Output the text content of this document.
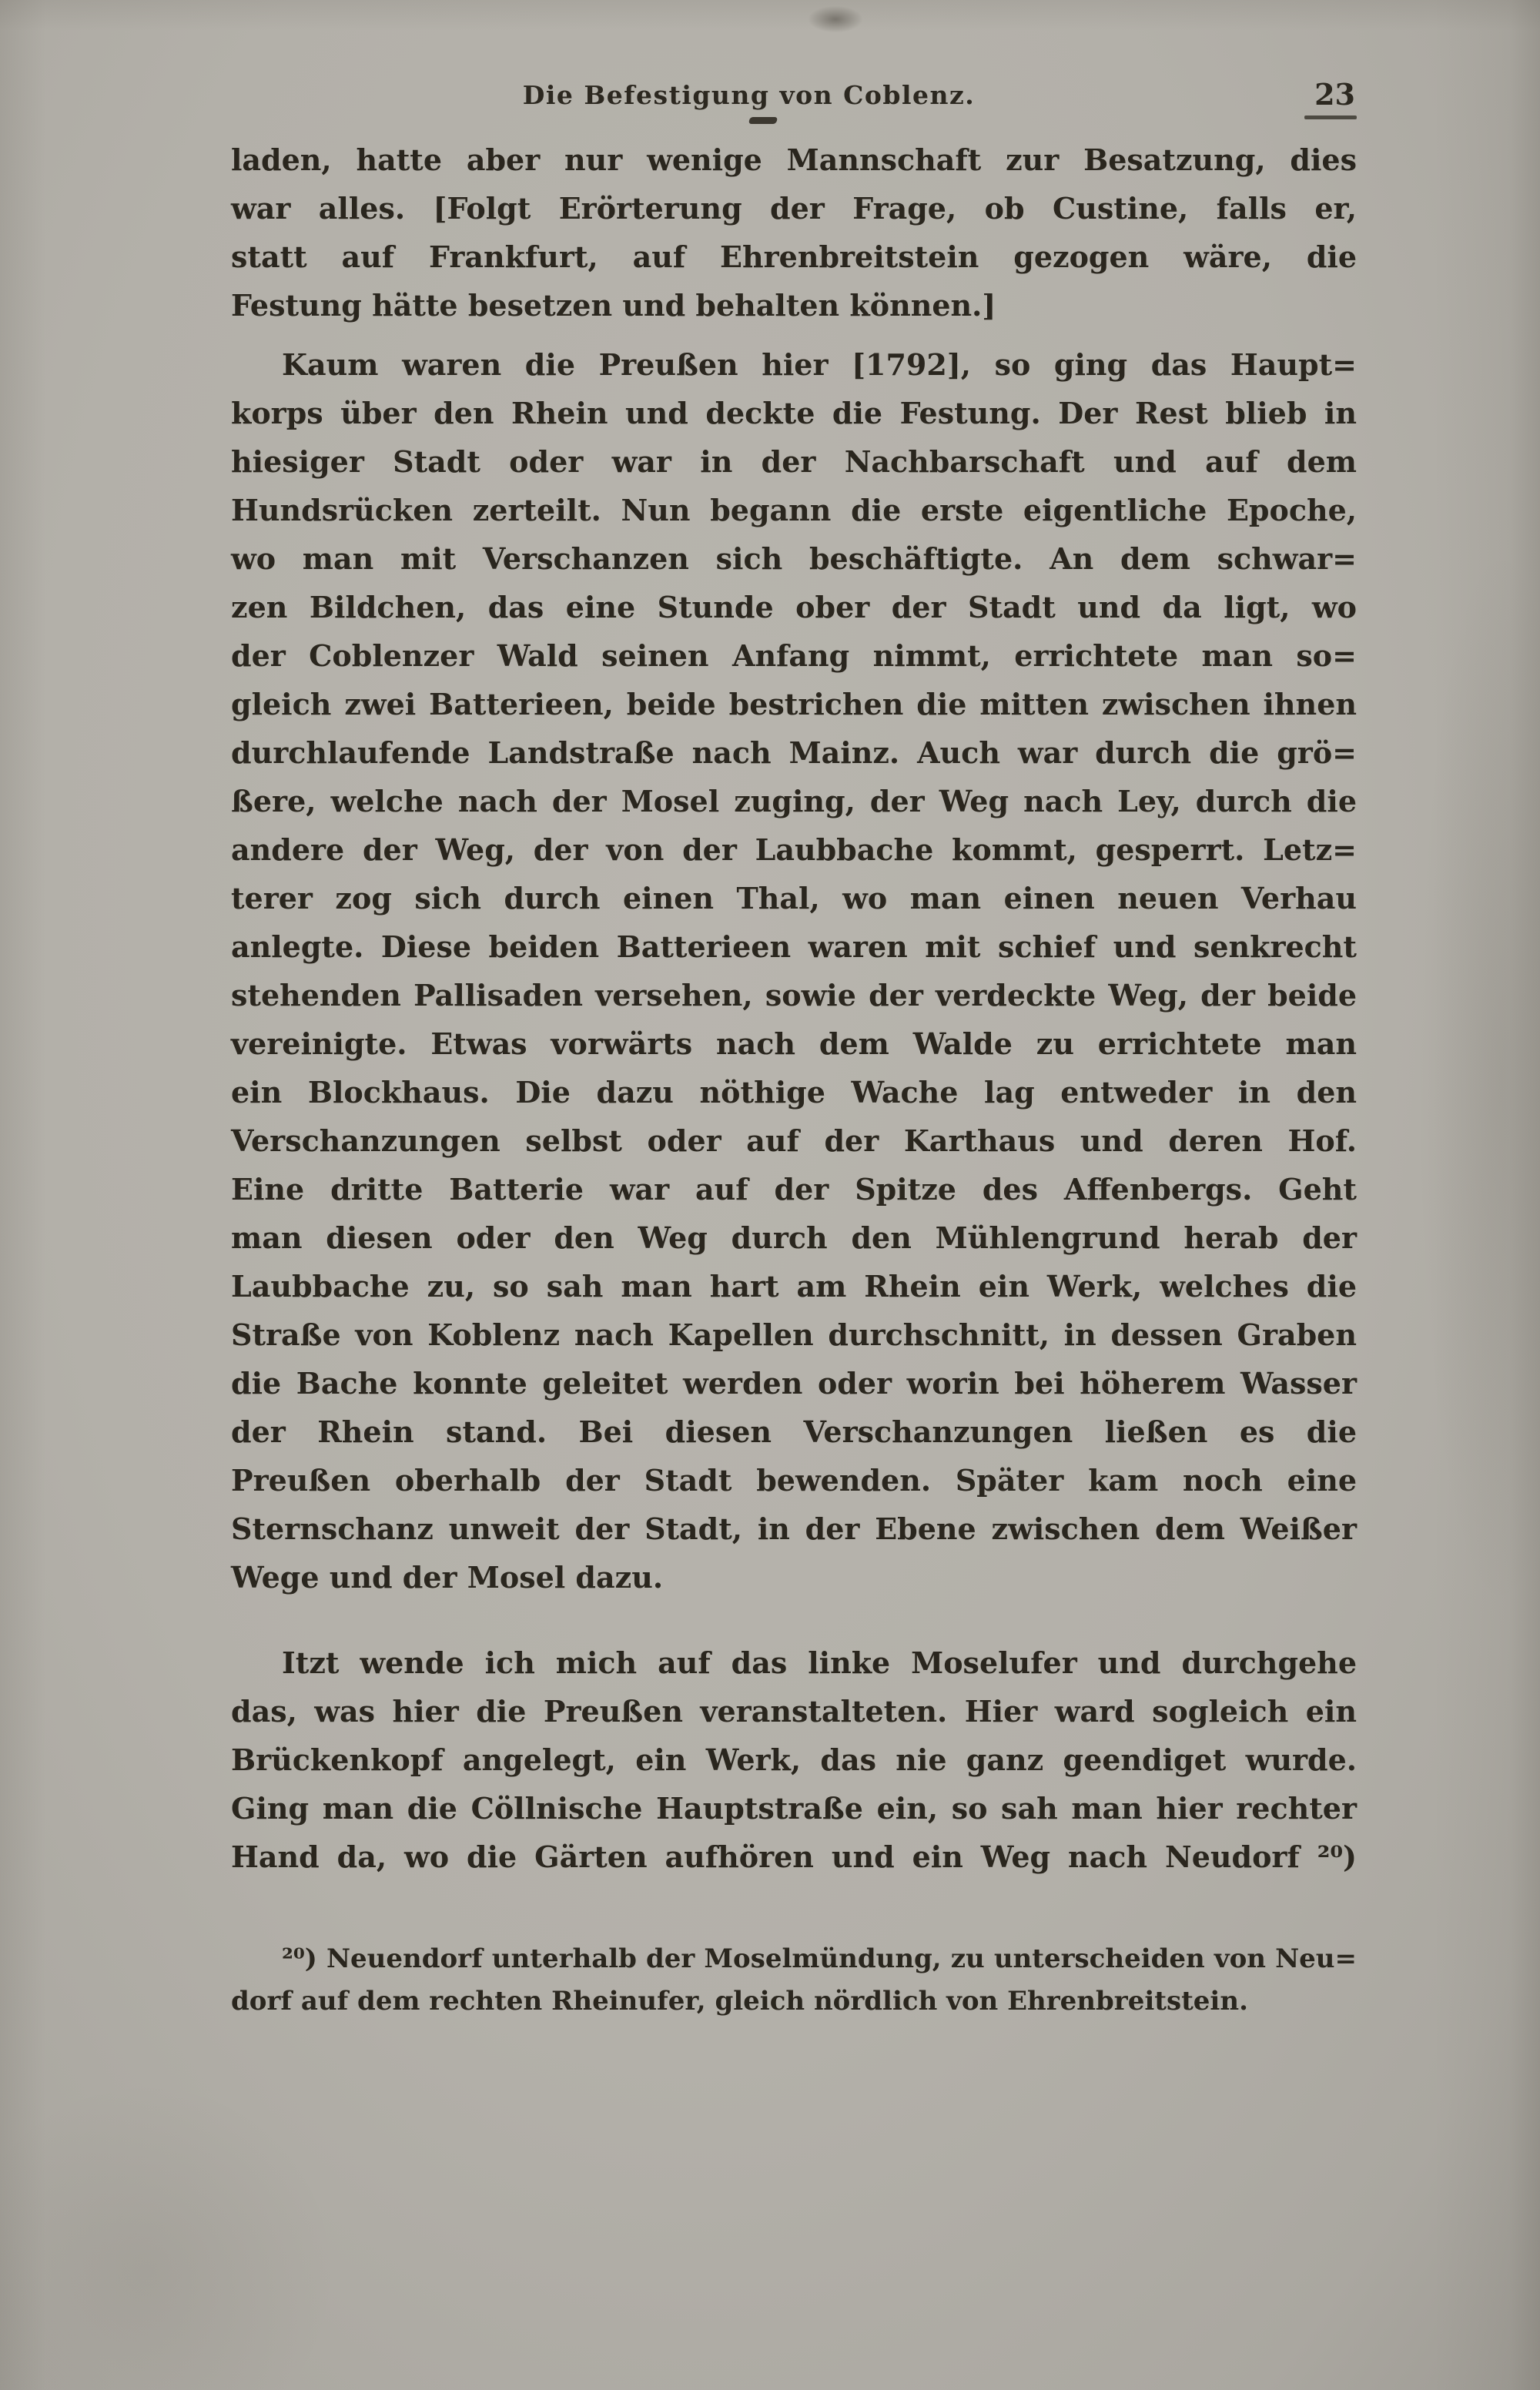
Die Befestigung von Coblenz.	23
laden, hatte aber nur wenige Mannschaft zur Besatzung, dies
war alles. [Folgt Erörterung der Frage, ob Custine, falls er,
statt auf Frankfurt, auf Ehrenbreitstein gezogen wäre, die
Festung hätte besetzen und behalten können.]
Kaum waren die Preußen hier [1792], so ging das Haupt=
korps über den Rhein und deckte die Festung. Der Rest blieb in
hiesiger Stadt oder war in der Nachbarschaft und auf dem
Hundsrücken zerteilt. Nun begann die erste eigentliche Epoche,
wo man mit Verschanzen sich beschäftigte. An dem schwar=
zen Bildchen, das eine Stunde ober der Stadt und da ligt, wo
der Coblenzer Wald seinen Anfang nimmt, errichtete man so=
gleich zwei Batterieen, beide bestrichen die mitten zwischen ihnen
durchlaufende Landstraße nach Mainz. Auch war durch die grö=
ßere, welche nach der Mosel zuging, der Weg nach Ley, durch die
andere der Weg, der von der Laubbache kommt, gesperrt. Letz=
terer zog sich durch einen Thal, wo man einen neuen Verhau
anlegte. Diese beiden Batterieen waren mit schief und senkrecht
stehenden Pallisaden versehen, sowie der verdeckte Weg, der beide
vereinigte. Etwas vorwärts nach dem Walde zu errichtete man
ein Blockhaus. Die dazu nöthige Wache lag entweder in den
Verschanzungen selbst oder auf der Karthaus und deren Hof.
Eine dritte Batterie war auf der Spitze des Affenbergs. Geht
man diesen oder den Weg durch den Mühlengrund herab der
Laubbache zu, so sah man hart am Rhein ein Werk, welches die
Straße von Koblenz nach Kapellen durchschnitt, in dessen Graben
die Bache konnte geleitet werden oder worin bei höherem Wasser
der Rhein stand. Bei diesen Verschanzungen ließen es die
Preußen oberhalb der Stadt bewenden. Später kam noch eine
Sternschanz unweit der Stadt, in der Ebene zwischen dem Weißer
Wege und der Mosel dazu.
Itzt wende ich mich auf das linke Moselufer und durchgehe
das, was hier die Preußen veranstalteten. Hier ward sogleich ein
Brückenkopf angelegt, ein Werk, das nie ganz geendiget wurde.
Ging man die Cöllnische Hauptstraße ein, so sah man hier rechter
Hand da, wo die Gärten aufhören und ein Weg nach Neudorf ²⁰)
²⁰) Neuendorf unterhalb der Moselmündung, zu unterscheiden von Neu=
dorf auf dem rechten Rheinufer, gleich nördlich von Ehrenbreitstein.
